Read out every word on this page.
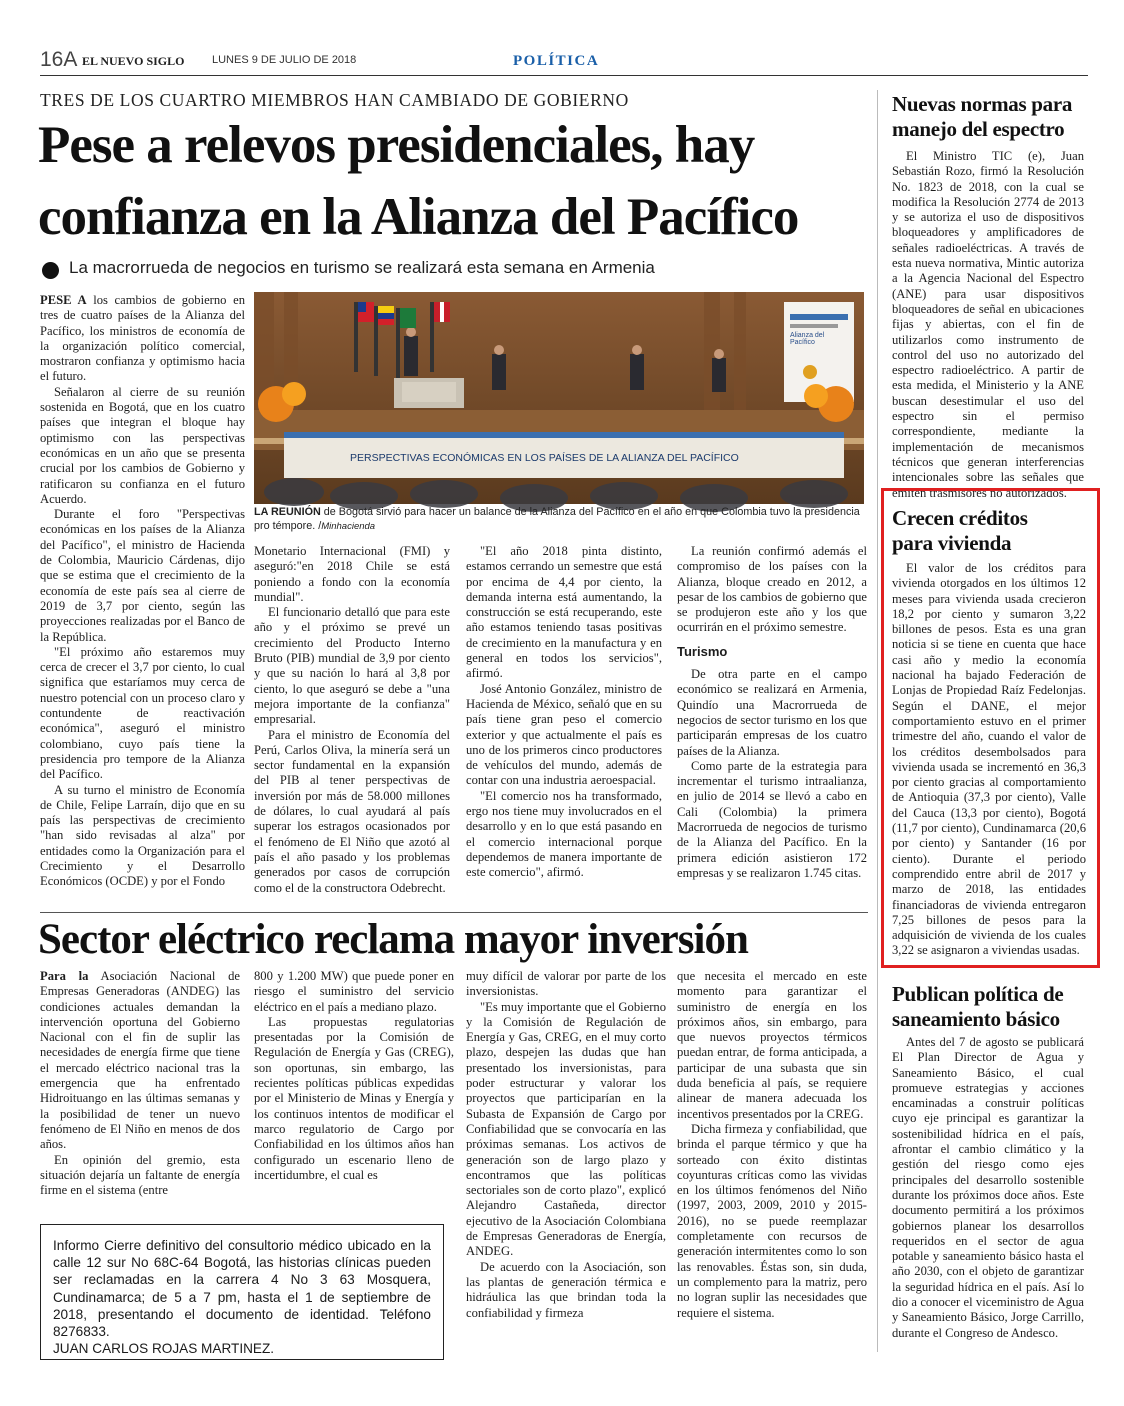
16A EL NUEVO SIGLO	LUNES 9 DE JULIO DE 2018	POLÍTICA
TRES DE LOS CUARTRO MIEMBROS HAN CAMBIADO DE GOBIERNO
Pese a relevos presidenciales, hay
confianza en la Alianza del Pacífico
La macrorrueda de negocios en turismo se realizará esta semana en Armenia
PERSPECTIVAS ECONÓMICAS EN LOS PAÍSES DE LA ALIANZA DEL PACÍFICO
Alianza del Pacífico
LA REUNIÓN de Bogotá sirvió para hacer un balance de la Alianza del Pacífico en el año en que Colombia tuvo la presidencia pro témpore. /Minhacienda

PESE A los cambios de gobierno en tres de cuatro países de la Alianza del Pacífico, los ministros de economía de la organización político comercial, mostraron confianza y optimismo hacia el futuro.

Señalaron al cierre de su reunión sostenida en Bogotá, que en los cuatro países que integran el bloque hay optimismo con las perspectivas económicas en un año que se presenta crucial por los cambios de Gobierno y ratificaron su confianza en el futuro Acuerdo.

Durante el foro "Perspectivas económicas en los países de la Alianza del Pacífico", el ministro de Hacienda de Colombia, Mauricio Cárdenas, dijo que se estima que el crecimiento de la economía de este país sea al cierre de 2019 de 3,7 por ciento, según las proyecciones realizadas por el Banco de la República.

"El próximo año estaremos muy cerca de crecer el 3,7 por ciento, lo cual significa que estaríamos muy cerca de nuestro potencial con un proceso claro y contundente de reactivación económica", aseguró el ministro colombiano, cuyo país tiene la presidencia pro tempore de la Alianza del Pacífico.

A su turno el ministro de Economía de Chile, Felipe Larraín, dijo que en su país las perspectivas de crecimiento "han sido revisadas al alza" por entidades como la Organización para el Crecimiento y el Desarrollo Económicos (OCDE) y por el Fondo

Monetario Internacional (FMI) y aseguró:"en 2018 Chile se está poniendo a fondo con la economía mundial".

El funcionario detalló que para este año y el próximo se prevé un crecimiento del Producto Interno Bruto (PIB) mundial de 3,9 por ciento y que su nación lo hará al 3,8 por ciento, lo que aseguró se debe a "una mejora importante de la confianza" empresarial.

Para el ministro de Economía del Perú, Carlos Oliva, la minería será un sector fundamental en la expansión del PIB al tener perspectivas de inversión por más de 58.000 millones de dólares, lo cual ayudará al país superar los estragos ocasionados por el fenómeno de El Niño que azotó al país el año pasado y los problemas generados por casos de corrupción como el de la constructora Odebrecht.

"El año 2018 pinta distinto, estamos cerrando un semestre que está por encima de 4,4 por ciento, la demanda interna está aumentando, la construcción se está recuperando, este año estamos teniendo tasas positivas de crecimiento en la manufactura y en general en todos los servicios", afirmó.

José Antonio González, ministro de Hacienda de México, señaló que en su país tiene gran peso el comercio exterior y que actualmente el país es uno de los primeros cinco productores de vehículos del mundo, además de contar con una industria aeroespacial.

"El comercio nos ha transformado, ergo nos tiene muy involucrados en el desarrollo y en lo que está pasando en el comercio internacional porque dependemos de manera importante de este comercio", afirmó.

La reunión confirmó además el compromiso de los países con la Alianza, bloque creado en 2012, a pesar de los cambios de gobierno que se produjeron este año y los que ocurrirán en el próximo semestre.

Turismo

De otra parte en el campo económico se realizará en Armenia, Quindío una Macrorrueda de negocios de sector turismo en los que participarán empresas de los cuatro países de la Alianza.

Como parte de la estrategia para incrementar el turismo intraalianza, en julio de 2014 se llevó a cabo en Cali (Colombia) la primera Macrorrueda de negocios de turismo de la Alianza del Pacífico. En la primera edición asistieron 172 empresas y se realizaron 1.745 citas.

Sector eléctrico reclama mayor inversión

Para la Asociación Nacional de Empresas Generadoras (ANDEG) las condiciones actuales demandan la intervención oportuna del Gobierno Nacional con el fin de suplir las necesidades de energía firme que tiene el mercado eléctrico nacional tras la emergencia que ha enfrentado Hidroituango en las últimas semanas y la posibilidad de tener un nuevo fenómeno de El Niño en menos de dos años.

En opinión del gremio, esta situación dejaría un faltante de energía firme en el sistema (entre

800 y 1.200 MW) que puede poner en riesgo el suministro del servicio eléctrico en el país a mediano plazo.

Las propuestas regulatorias presentadas por la Comisión de Regulación de Energía y Gas (CREG), son oportunas, sin embargo, las recientes políticas públicas expedidas por el Ministerio de Minas y Energía y los continuos intentos de modificar el marco regulatorio de Cargo por Confiabilidad en los últimos años han configurado un escenario lleno de incertidumbre, el cual es

muy difícil de valorar por parte de los inversionistas.

"Es muy importante que el Gobierno y la Comisión de Regulación de Energía y Gas, CREG, en el muy corto plazo, despejen las dudas que han presentado los inversionistas, para poder estructurar y valorar los proyectos que participarían en la Subasta de Expansión de Cargo por Confiabilidad que se convocaría en las próximas semanas. Los activos de generación son de largo plazo y encontramos que las políticas sectoriales son de corto plazo", explicó Alejandro Castañeda, director ejecutivo de la Asociación Colombiana de Empresas Generadoras de Energía, ANDEG.

De acuerdo con la Asociación, son las plantas de generación térmica e hidráulica las que brindan toda la confiabilidad y firmeza

que necesita el mercado en este momento para garantizar el suministro de energía en los próximos años, sin embargo, para que nuevos proyectos térmicos puedan entrar, de forma anticipada, a participar de una subasta que sin duda beneficia al país, se requiere alinear de manera adecuada los incentivos presentados por la CREG.

Dicha firmeza y confiabilidad, que brinda el parque térmico y que ha sorteado con éxito distintas coyunturas críticas como las vividas en los últimos fenómenos del Niño (1997, 2003, 2009, 2010 y 2015-2016), no se puede reemplazar completamente con recursos de generación intermitentes como lo son las renovables. Éstas son, sin duda, un complemento para la matriz, pero no logran suplir las necesidades que requiere el sistema.

Informo Cierre definitivo del consultorio médico ubicado en la calle 12 sur No 68C-64 Bogotá, las historias clínicas pueden ser reclamadas en la carrera 4 No 3 63 Mosquera, Cundinamarca; de 5 a 7 pm, hasta el 1 de septiembre de 2018, presentando el documento de identidad. Teléfono 8276833.
JUAN CARLOS ROJAS MARTINEZ.
Nuevas normas para manejo del espectro

El Ministro TIC (e), Juan Sebastián Rozo, firmó la Resolución No. 1823 de 2018, con la cual se modifica la Resolución 2774 de 2013 y se autoriza el uso de dispositivos bloqueadores y amplificadores de señales radioeléctricas. A través de esta nueva normativa, Mintic autoriza a la Agencia Nacional del Espectro (ANE) para usar dispositivos bloqueadores de señal en ubicaciones fijas y abiertas, con el fin de utilizarlos como instrumento de control del uso no autorizado del espectro radioeléctrico. A partir de esta medida, el Ministerio y la ANE buscan desestimular el uso del espectro sin el permiso correspondiente, mediante la implementación de mecanismos técnicos que generan interferencias intencionales sobre las señales que emiten trasmisores no autorizados.

Crecen créditos para vivienda

El valor de los créditos para vivienda otorgados en los últimos 12 meses para vivienda usada crecieron 18,2 por ciento y sumaron 3,22 billones de pesos. Esta es una gran noticia si se tiene en cuenta que hace casi año y medio la economía nacional ha bajado Federación de Lonjas de Propiedad Raíz Fedelonjas. Según el DANE, el mejor comportamiento estuvo en el primer trimestre del año, cuando el valor de los créditos desembolsados para vivienda usada se incrementó en 36,3 por ciento gracias al comportamiento de Antioquia (37,3 por ciento), Valle del Cauca (13,3 por ciento), Bogotá (11,7 por ciento), Cundinamarca (20,6 por ciento) y Santander (16 por ciento). Durante el periodo comprendido entre abril de 2017 y marzo de 2018, las entidades financiadoras de vivienda entregaron 7,25 billones de pesos para la adquisición de vivienda de los cuales 3,22 se asignaron a viviendas usadas.

Publican política de saneamiento básico

Antes del 7 de agosto se publicará El Plan Director de Agua y Saneamiento Básico, el cual promueve estrategias y acciones encaminadas a construir políticas cuyo eje principal es garantizar la sostenibilidad hídrica en el país, afrontar el cambio climático y la gestión del riesgo como ejes principales del desarrollo sostenible durante los próximos doce años. Este documento permitirá a los próximos gobiernos planear los desarrollos requeridos en el sector de agua potable y saneamiento básico hasta el año 2030, con el objeto de garantizar la seguridad hídrica en el país. Así lo dio a conocer el viceministro de Agua y Saneamiento Básico, Jorge Carrillo, durante el Congreso de Andesco.
